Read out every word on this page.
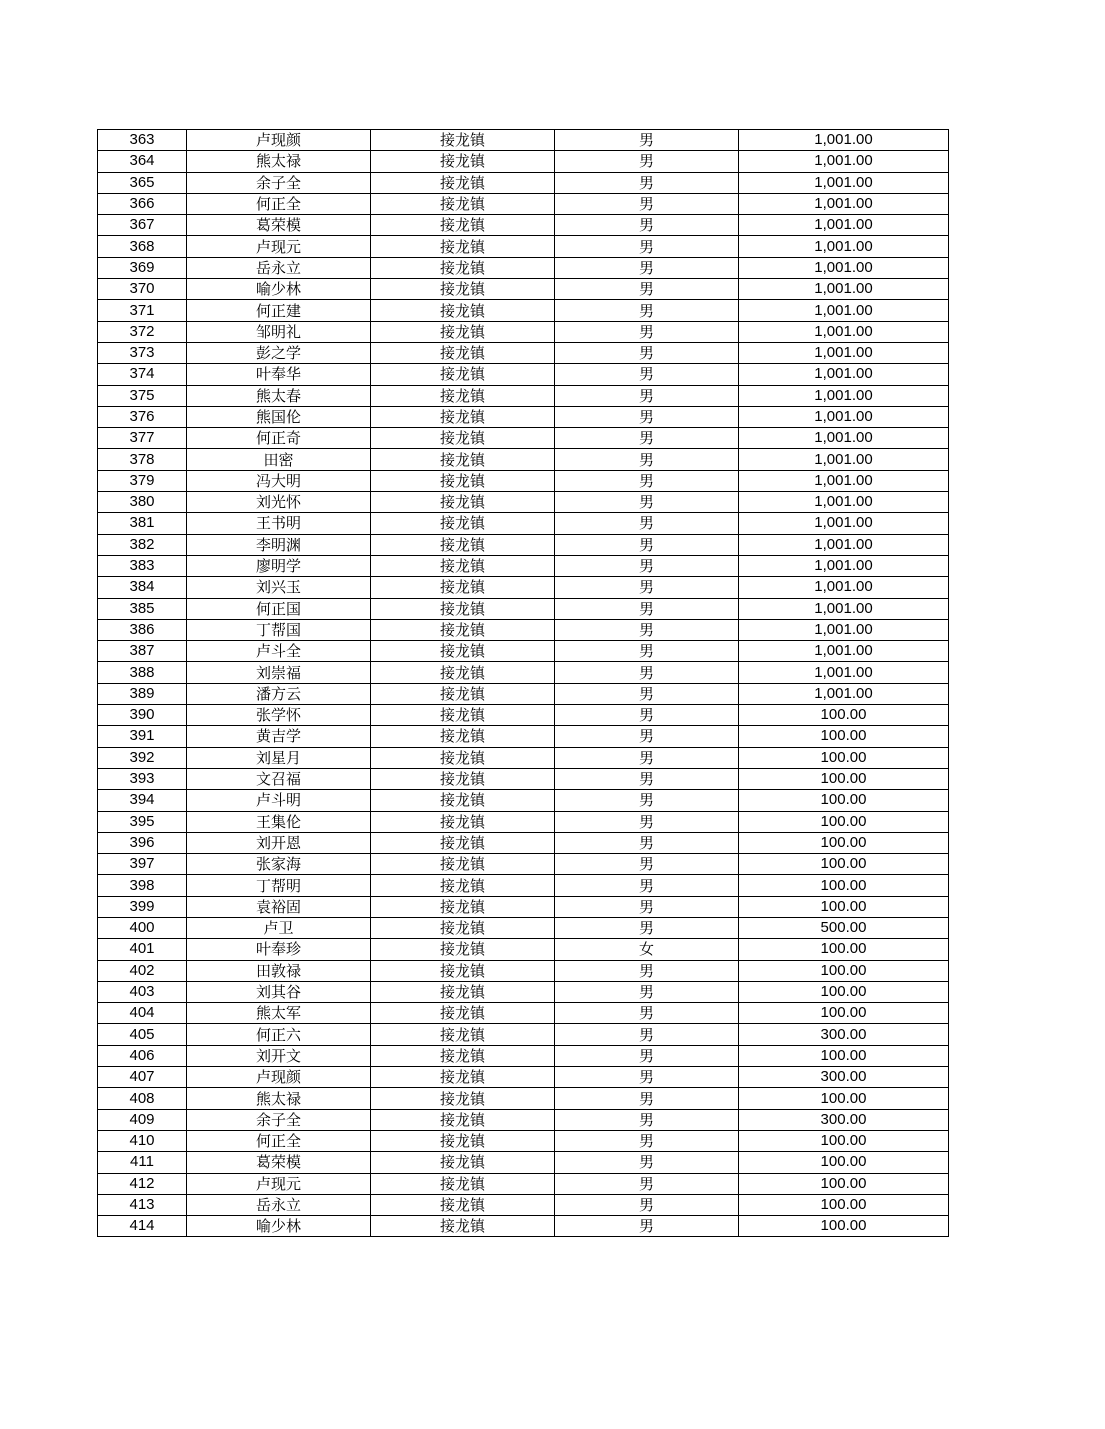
363	卢现颜	接龙镇	男	1,001.00
364	熊太禄	接龙镇	男	1,001.00
365	余子全	接龙镇	男	1,001.00
366	何正全	接龙镇	男	1,001.00
367	葛荣模	接龙镇	男	1,001.00
368	卢现元	接龙镇	男	1,001.00
369	岳永立	接龙镇	男	1,001.00
370	喻少林	接龙镇	男	1,001.00
371	何正建	接龙镇	男	1,001.00
372	邹明礼	接龙镇	男	1,001.00
373	彭之学	接龙镇	男	1,001.00
374	叶奉华	接龙镇	男	1,001.00
375	熊太春	接龙镇	男	1,001.00
376	熊国伦	接龙镇	男	1,001.00
377	何正奇	接龙镇	男	1,001.00
378	田密	接龙镇	男	1,001.00
379	冯大明	接龙镇	男	1,001.00
380	刘光怀	接龙镇	男	1,001.00
381	王书明	接龙镇	男	1,001.00
382	李明渊	接龙镇	男	1,001.00
383	廖明学	接龙镇	男	1,001.00
384	刘兴玉	接龙镇	男	1,001.00
385	何正国	接龙镇	男	1,001.00
386	丁帮国	接龙镇	男	1,001.00
387	卢斗全	接龙镇	男	1,001.00
388	刘崇福	接龙镇	男	1,001.00
389	潘方云	接龙镇	男	1,001.00
390	张学怀	接龙镇	男	100.00
391	黄吉学	接龙镇	男	100.00
392	刘星月	接龙镇	男	100.00
393	文召福	接龙镇	男	100.00
394	卢斗明	接龙镇	男	100.00
395	王集伦	接龙镇	男	100.00
396	刘开恩	接龙镇	男	100.00
397	张家海	接龙镇	男	100.00
398	丁帮明	接龙镇	男	100.00
399	袁裕固	接龙镇	男	100.00
400	卢卫	接龙镇	男	500.00
401	叶奉珍	接龙镇	女	100.00
402	田敦禄	接龙镇	男	100.00
403	刘其谷	接龙镇	男	100.00
404	熊太军	接龙镇	男	100.00
405	何正六	接龙镇	男	300.00
406	刘开文	接龙镇	男	100.00
407	卢现颜	接龙镇	男	300.00
408	熊太禄	接龙镇	男	100.00
409	余子全	接龙镇	男	300.00
410	何正全	接龙镇	男	100.00
411	葛荣模	接龙镇	男	100.00
412	卢现元	接龙镇	男	100.00
413	岳永立	接龙镇	男	100.00
414	喻少林	接龙镇	男	100.00
